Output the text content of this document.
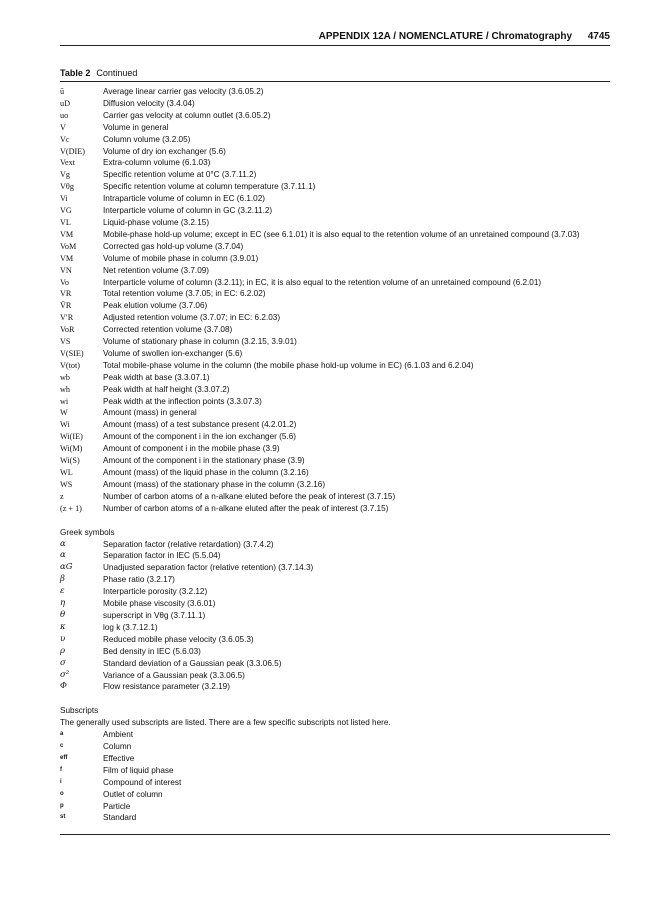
APPENDIX 12A / NOMENCLATURE / Chromatography 4745
Table 2 Continued
ū	Average linear carrier gas velocity (3.6.05.2)
uD	Diffusion velocity (3.4.04)
uo	Carrier gas velocity at column outlet (3.6.05.2)
V	Volume in general
Vc	Column volume (3.2.05)
V(DIE)	Volume of dry ion exchanger (5.6)
Vext	Extra-column volume (6.1.03)
Vg	Specific retention volume at 0°C (3.7.11.2)
Vθg	Specific retention volume at column temperature (3.7.11.1)
Vi	Intraparticle volume of column in EC (6.1.02)
VG	Interparticle volume of column in GC (3.2.11.2)
VL	Liquid-phase volume (3.2.15)
VM	Mobile-phase hold-up volume; except in EC (see 6.1.01) it is also equal to the retention volume of an unretained compound (3.7.03)
VoM	Corrected gas hold-up volume (3.7.04)
VM	Volume of mobile phase in column (3.9.01)
VN	Net retention volume (3.7.09)
Vo	Interparticle volume of column (3.2.11); in EC, it is also equal to the retention volume of an unretained compound (6.2.01)
VR	Total retention volume (3.7.05; in EC: 6.2.02)
V̄R	Peak elution volume (3.7.06)
V′R	Adjusted retention volume (3.7.07; in EC: 6.2.03)
VoR	Corrected retention volume (3.7.08)
VS	Volume of stationary phase in column (3.2.15, 3.9.01)
V(SIE)	Volume of swollen ion-exchanger (5.6)
V(tot)	Total mobile-phase volume in the column (the mobile phase hold-up volume in EC) (6.1.03 and 6.2.04)
wb	Peak width at base (3.3.07.1)
wh	Peak width at half height (3.3.07.2)
wi	Peak width at the inflection points (3.3.07.3)
W	Amount (mass) in general
Wi	Amount (mass) of a test substance present (4.2.01.2)
Wi(IE)	Amount of the component i in the ion exchanger (5.6)
Wi(M)	Amount of component i in the mobile phase (3.9)
Wi(S)	Amount of the component i in the stationary phase (3.9)
WL	Amount (mass) of the liquid phase in the column (3.2.16)
WS	Amount (mass) of the stationary phase in the column (3.2.16)
z	Number of carbon atoms of a n-alkane eluted before the peak of interest (3.7.15)
(z + 1)	Number of carbon atoms of a n-alkane eluted after the peak of interest (3.7.15)
Greek symbols
α	Separation factor (relative retardation) (3.7.4.2)
α	Separation factor in IEC (5.5.04)
αG	Unadjusted separation factor (relative retention) (3.7.14.3)
β	Phase ratio (3.2.17)
ε	Interparticle porosity (3.2.12)
η	Mobile phase viscosity (3.6.01)
θ	superscript in Vθg (3.7.11.1)
κ	log k (3.7.12.1)
υ	Reduced mobile phase velocity (3.6.05.3)
ρ	Bed density in IEC (5.6.03)
σ	Standard deviation of a Gaussian peak (3.3.06.5)
σ²	Variance of a Gaussian peak (3.3.06.5)
Φ	Flow resistance parameter (3.2.19)
Subscripts
The generally used subscripts are listed. There are a few specific subscripts not listed here.
a	Ambient
c	Column
eff	Effective
f	Film of liquid phase
i	Compound of interest
o	Outlet of column
p	Particle
st	Standard
